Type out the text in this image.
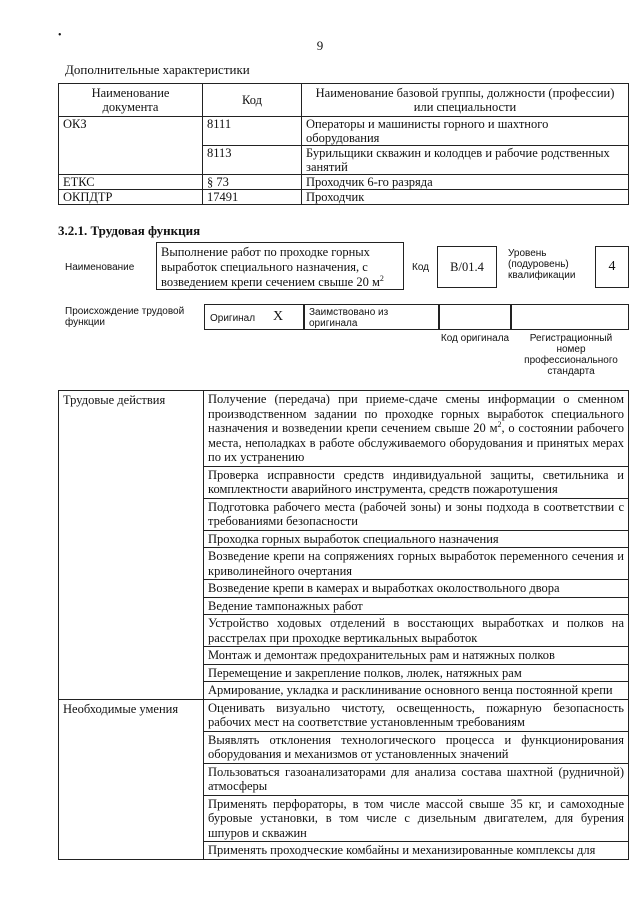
•
9
Дополнительные характеристики
Наименование документа	Код	Наименование базовой группы, должности (профессии) или специальности
ОКЗ	8111	Операторы и машинисты горного и шахтного оборудования
	8113	Бурильщики скважин и колодцев и рабочие родственных занятий
ЕТКС	§ 73	Проходчик 6-го разряда
ОКПДТР	17491	Проходчик
3.2.1. Трудовая функция
Наименование
Выполнение работ по проходке горных выработок специального назначения, с возведением крепи сечением свыше 20 $м^2$
Код	В/01.4
Уровень (подуровень) квалификации
4
Происхождение трудовой функции	Оригинал X	Заимствовано из оригинала
Код оригинала	Регистрационный номер профессионального стандарта
Трудовые действия	Получение (передача) при приеме-сдаче смены информации о сменном производственном задании по проходке горных выработок специального назначения и возведении крепи сечением свыше 20 $м^2$, о состоянии рабочего места, неполадках в работе обслуживаемого оборудования и принятых мерах по их устранению
	Проверка исправности средств индивидуальной защиты, светильника и комплектности аварийного инструмента, средств пожаротушения
	Подготовка рабочего места (рабочей зоны) и зоны подхода в соответствии с требованиями безопасности
	Проходка горных выработок специального назначения
	Возведение крепи на сопряжениях горных выработок переменного сечения и криволинейного очертания
	Возведение крепи в камерах и выработках околоствольного двора
	Ведение тампонажных работ
	Устройство ходовых отделений в восстающих выработках и полков на расстрелах при проходке вертикальных выработок
	Монтаж и демонтаж предохранительных рам и натяжных полков
	Перемещение и закрепление полков, люлек, натяжных рам
	Армирование, укладка и расклинивание основного венца постоянной крепи
Необходимые умения	Оценивать визуально чистоту, освещенность, пожарную безопасность рабочих мест на соответствие установленным требованиям
	Выявлять отклонения технологического процесса и функционирования оборудования и механизмов от установленных значений
	Пользоваться газоанализаторами для анализа состава шахтной (рудничной) атмосферы
	Применять перфораторы, в том числе массой свыше 35 кг, и самоходные буровые установки, в том числе с дизельным двигателем, для бурения шпуров и скважин
	Применять проходческие комбайны и механизированные комплексы для
